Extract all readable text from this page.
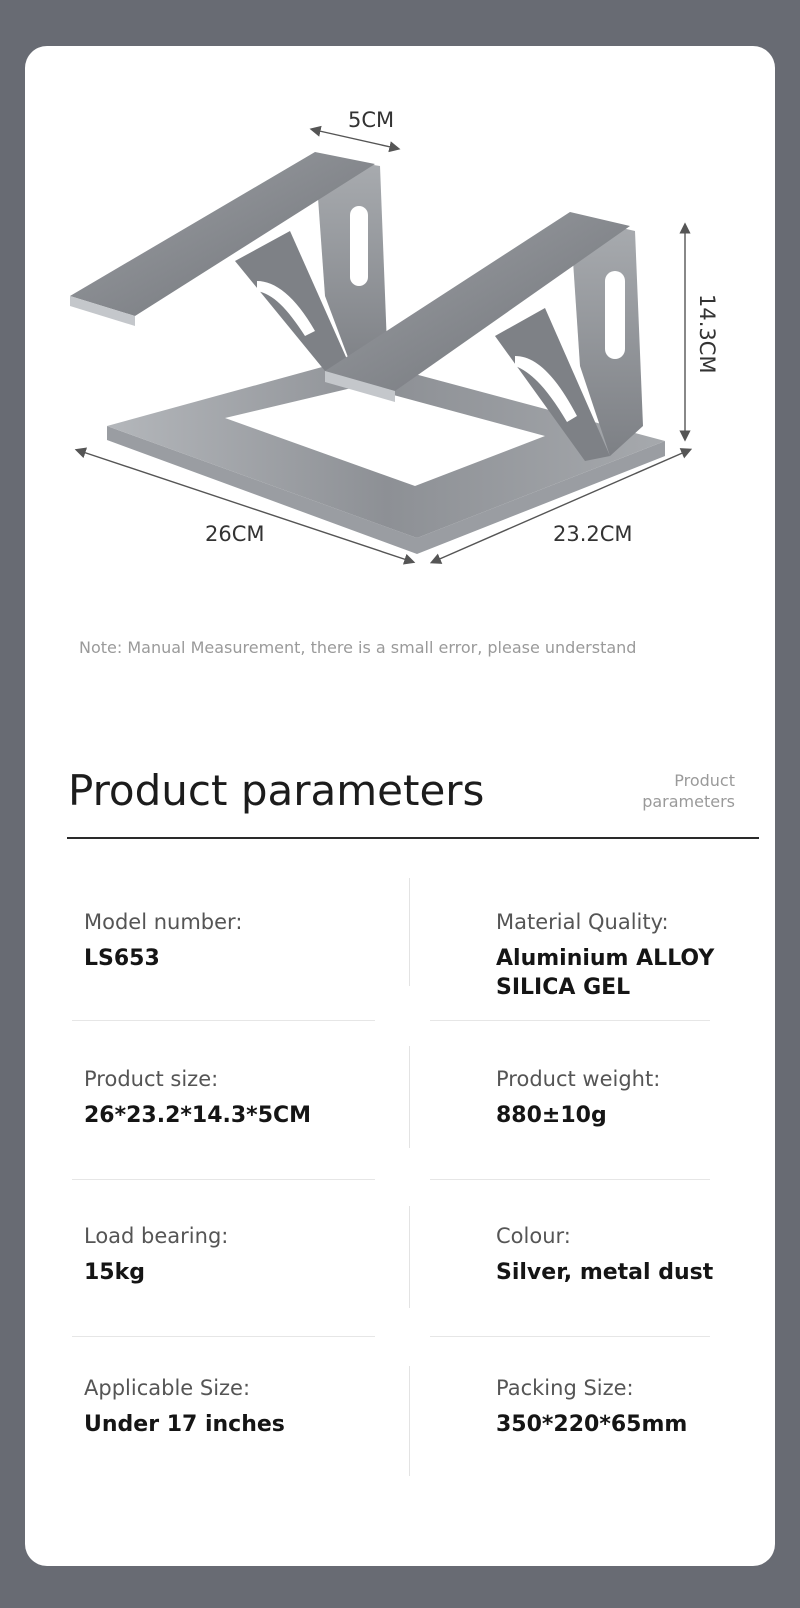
5CM
14.3CM
26CM	23.2CM
Note: Manual Measurement, there is a small error, please understand
Product parameters	Product
parameters
Model number:
LS653
Material Quality:
Aluminium ALLOY
SILICA GEL
Product size:
26*23.2*14.3*5CM
Product weight:
880±10g
Load bearing:
15kg
Colour:
Silver, metal dust
Applicable Size:
Under 17 inches
Packing Size:
350*220*65mm
